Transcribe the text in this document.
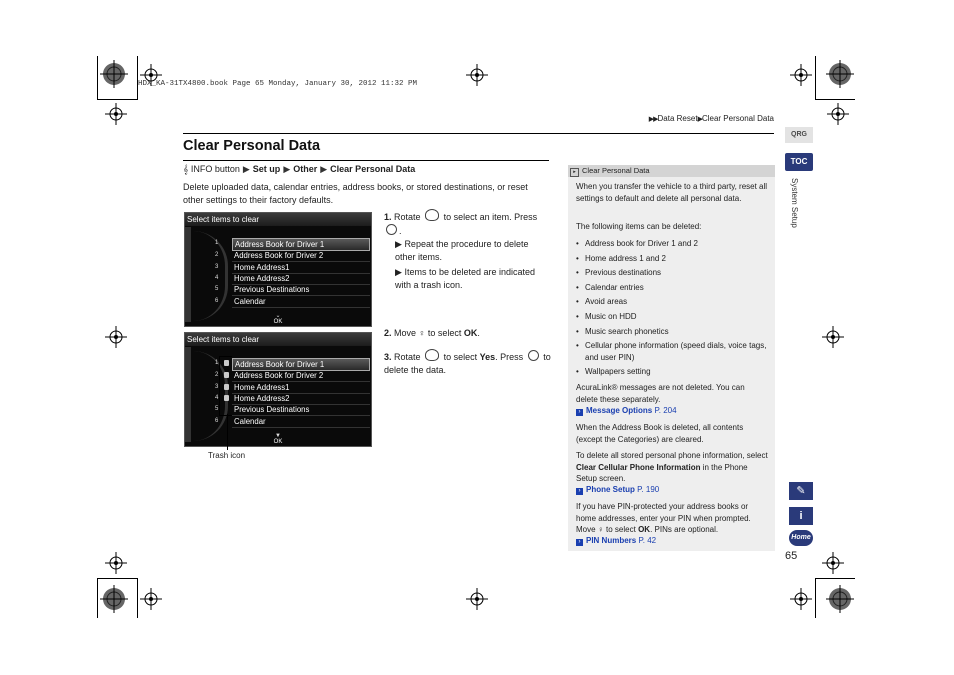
HDX_KA-31TX4800.book Page 65 Monday, January 30, 2012 11:32 PM
▶▶Data Reset▶Clear Personal Data
Clear Personal Data
𝄞 INFO button ▶ Set up ▶ Other ▶ Clear Personal Data
Delete uploaded data, calendar entries, address books, or stored destinations, or reset other settings to their factory defaults.
Select items to clear
1	Address Book for Driver 1
2 Address Book for Driver 2
3 Home Address1
4 Home Address2
5 Previous Destinations
6 Calendar
⌄
OK
Select items to clear
1	Address Book for Driver 1
2 Address Book for Driver 2
3 Home Address1
4 Home Address2
5 Previous Destinations
6 Calendar
▼
OK
Trash icon
1. Rotate	to select an item. Press .
▶ Repeat the procedure to delete other items.
▶ Items to be deleted are indicated with a trash icon.
2. Move ♀ to select OK.
3. Rotate	to select Yes. Press to delete the data.
▸ Clear Personal Data
When you transfer the vehicle to a third party, reset all settings to default and delete all personal data.
The following items can be deleted:
• Address book for Driver 1 and 2
• Home address 1 and 2
• Previous destinations
• Calendar entries
• Avoid areas
• Music on HDD
• Music search phonetics
• Cellular phone information (speed dials, voice tags, and user PIN)
• Wallpapers setting
AcuraLink® messages are not deleted. You can delete these separately.
› Message Options P. 204
When the Address Book is deleted, all contents (except the Categories) are cleared.
To delete all stored personal phone information, select Clear Cellular Phone Information in the Phone Setup screen.
› Phone Setup P. 190
If you have PIN-protected your address books or home addresses, enter your PIN when prompted. Move ♀ to select OK. PINs are optional.
› PIN Numbers P. 42
QRG
TOC
System Setup
✎
i
Home
65
